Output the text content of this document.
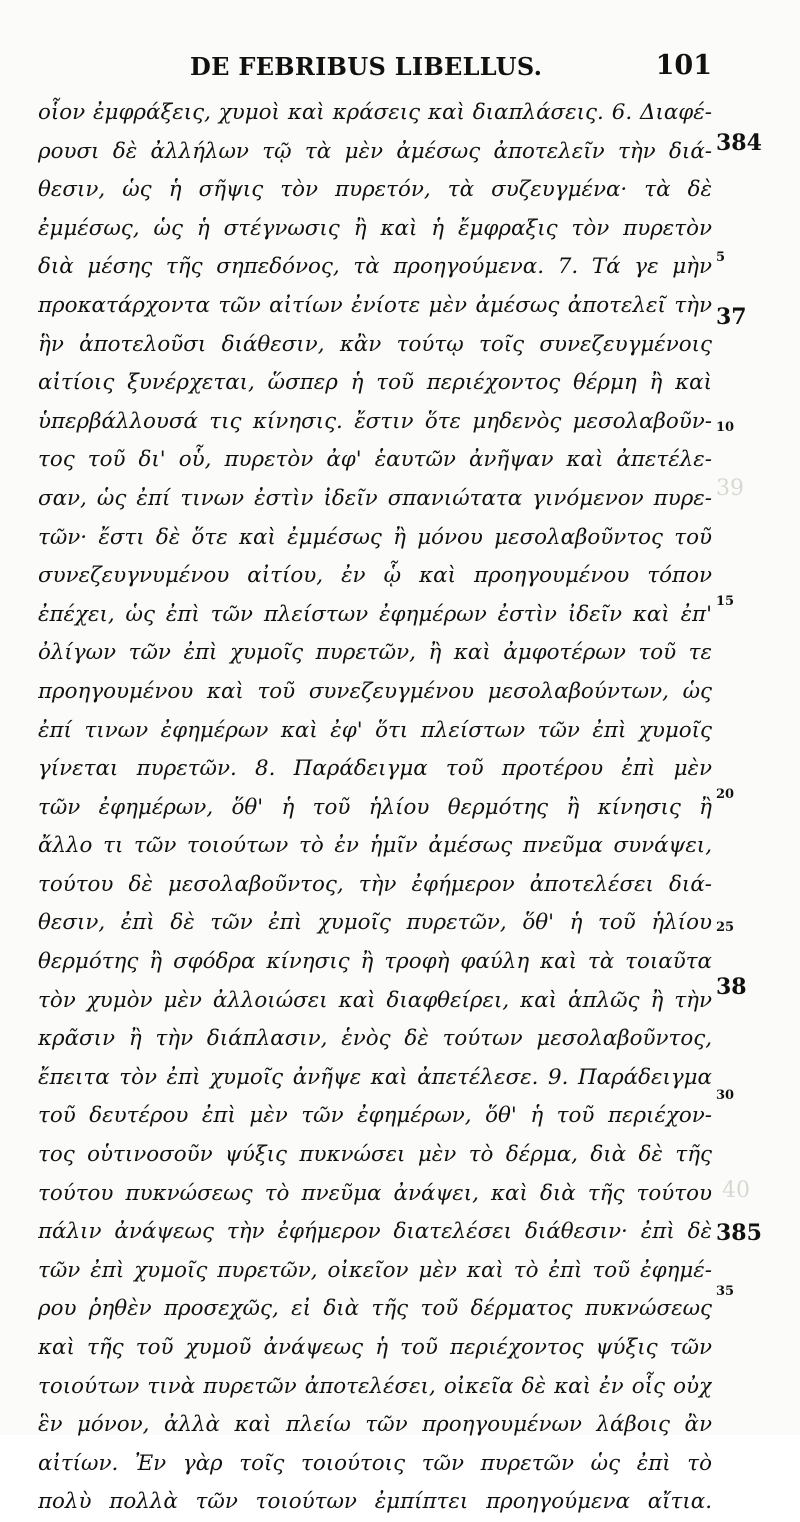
DE FEBRIBUS LIBELLUS.	101
39
40
οἷον ἐμφράξεις, χυμοὶ καὶ κράσεις καὶ διαπλάσεις. 6. Διαφέ-
ρουσι δὲ ἀλλήλων τῷ τὰ μὲν ἀμέσως ἀποτελεῖν τὴν διά-
θεσιν, ὡς ἡ σῆψις τὸν πυρετόν, τὰ συζευγμένα· τὰ δὲ
ἐμμέσως, ὡς ἡ στέγνωσις ἢ καὶ ἡ ἔμφραξις τὸν πυρετὸν
διὰ μέσης τῆς σηπεδόνος, τὰ προηγούμενα. 7. Τά γε μὴν
προκατάρχοντα τῶν αἰτίων ἐνίοτε μὲν ἀμέσως ἀποτελεῖ τὴν
ἣν ἀποτελοῦσι διάθεσιν, κἂν τούτῳ τοῖς συνεζευγμένοις
αἰτίοις ξυνέρχεται, ὥσπερ ἡ τοῦ περιέχοντος θέρμη ἢ καὶ
ὑπερβάλλουσά τις κίνησις. ἔστιν ὅτε μηδενὸς μεσολαβοῦν-
τος τοῦ δι' οὗ, πυρετὸν ἀφ' ἑαυτῶν ἀνῆψαν καὶ ἀπετέλε-
σαν, ὡς ἐπί τινων ἐστὶν ἰδεῖν σπανιώτατα γινόμενον πυρε-
τῶν· ἔστι δὲ ὅτε καὶ ἐμμέσως ἢ μόνου μεσολαβοῦντος τοῦ
συνεζευγνυμένου αἰτίου, ἐν ᾧ καὶ προηγουμένου τόπον
ἐπέχει, ὡς ἐπὶ τῶν πλείστων ἐφημέρων ἐστὶν ἰδεῖν καὶ ἐπ'
ὀλίγων τῶν ἐπὶ χυμοῖς πυρετῶν, ἢ καὶ ἀμφοτέρων τοῦ τε
προηγουμένου καὶ τοῦ συνεζευγμένου μεσολαβούντων, ὡς
ἐπί τινων ἐφημέρων καὶ ἐφ' ὅτι πλείστων τῶν ἐπὶ χυμοῖς
γίνεται πυρετῶν. 8. Παράδειγμα τοῦ προτέρου ἐπὶ μὲν
τῶν ἐφημέρων, ὅθ' ἡ τοῦ ἡλίου θερμότης ἢ κίνησις ἢ
ἄλλο τι τῶν τοιούτων τὸ ἐν ἡμῖν ἀμέσως πνεῦμα συνάψει,
τούτου δὲ μεσολαβοῦντος, τὴν ἐφήμερον ἀποτελέσει διά-
θεσιν, ἐπὶ δὲ τῶν ἐπὶ χυμοῖς πυρετῶν, ὅθ' ἡ τοῦ ἡλίου
θερμότης ἢ σφόδρα κίνησις ἢ τροφὴ φαύλη καὶ τὰ τοιαῦτα
τὸν χυμὸν μὲν ἀλλοιώσει καὶ διαφθείρει, καὶ ἁπλῶς ἢ τὴν
κρᾶσιν ἢ τὴν διάπλασιν, ἑνὸς δὲ τούτων μεσολαβοῦντος,
ἔπειτα τὸν ἐπὶ χυμοῖς ἀνῆψε καὶ ἀπετέλεσε. 9. Παράδειγμα
τοῦ δευτέρου ἐπὶ μὲν τῶν ἐφημέρων, ὅθ' ἡ τοῦ περιέχον-
τος οὑτινοσοῦν ψύξις πυκνώσει μὲν τὸ δέρμα, διὰ δὲ τῆς
τούτου πυκνώσεως τὸ πνεῦμα ἀνάψει, καὶ διὰ τῆς τούτου
πάλιν ἀνάψεως τὴν ἐφήμερον διατελέσει διάθεσιν· ἐπὶ δὲ
τῶν ἐπὶ χυμοῖς πυρετῶν, οἰκεῖον μὲν καὶ τὸ ἐπὶ τοῦ ἐφημέ-
ρου ῥηθὲν προσεχῶς, εἰ διὰ τῆς τοῦ δέρματος πυκνώσεως
καὶ τῆς τοῦ χυμοῦ ἀνάψεως ἡ τοῦ περιέχοντος ψύξις τῶν
τοιούτων τινὰ πυρετῶν ἀποτελέσει, οἰκεῖα δὲ καὶ ἐν οἷς οὐχ
ἓν μόνον, ἀλλὰ καὶ πλείω τῶν προηγουμένων λάβοις ἂν
αἰτίων. Ἐν γὰρ τοῖς τοιούτοις τῶν πυρετῶν ὡς ἐπὶ τὸ
πολὺ πολλὰ τῶν τοιούτων ἐμπίπτει προηγούμενα αἴτια.
384
5
37
10
15
20
25
38
30
385
35
